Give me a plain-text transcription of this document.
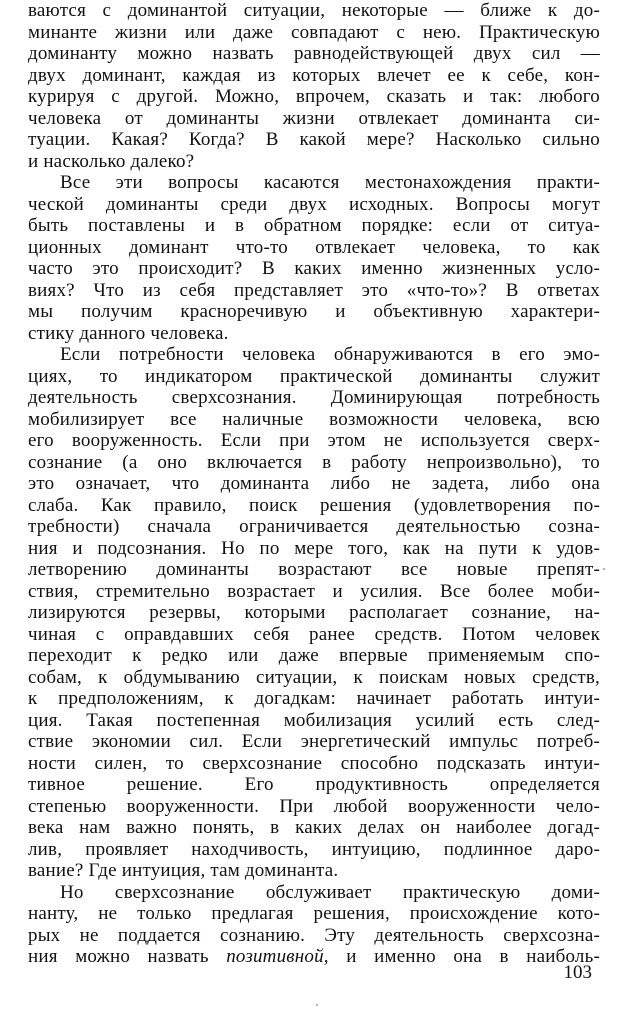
ваются с доминантой ситуации, некоторые — ближе к до-
минанте жизни или даже совпадают с нею. Практическую
доминанту можно назвать равнодействующей двух сил —
двух доминант, каждая из которых влечет ее к себе, кон-
курируя с другой. Можно, впрочем, сказать и так: любого
человека от доминанты жизни отвлекает доминанта си-
туации. Какая? Когда? В какой мере? Насколько сильно
и насколько далеко?
Все эти вопросы касаются местонахождения практи-
ческой доминанты среди двух исходных. Вопросы могут
быть поставлены и в обратном порядке: если от ситуа-
ционных доминант что-то отвлекает человека, то как
часто это происходит? В каких именно жизненных усло-
виях? Что из себя представляет это «что-то»? В ответах
мы получим красноречивую и объективную характери-
стику данного человека.
Если потребности человека обнаруживаются в его эмо-
циях, то индикатором практической доминанты служит
деятельность сверхсознания. Доминирующая потребность
мобилизирует все наличные возможности человека, всю
его вооруженность. Если при этом не используется сверх-
сознание (а оно включается в работу непроизвольно), то
это означает, что доминанта либо не задета, либо она
слаба. Как правило, поиск решения (удовлетворения по-
требности) сначала ограничивается деятельностью созна-
ния и подсознания. Но по мере того, как на пути к удов-
летворению доминанты возрастают все новые препят-
ствия, стремительно возрастает и усилия. Все более моби-
лизируются резервы, которыми располагает сознание, на-
чиная с оправдавших себя ранее средств. Потом человек
переходит к редко или даже впервые применяемым спо-
собам, к обдумыванию ситуации, к поискам новых средств,
к предположениям, к догадкам: начинает работать интуи-
ция. Такая постепенная мобилизация усилий есть след-
ствие экономии сил. Если энергетический импульс потреб-
ности силен, то сверхсознание способно подсказать интуи-
тивное решение. Его продуктивность определяется
степенью вооруженности. При любой вооруженности чело-
века нам важно понять, в каких делах он наиболее догад-
лив, проявляет находчивость, интуицию, подлинное даро-
вание? Где интуиция, там доминанта.
Но сверхсознание обслуживает практическую доми-
нанту, не только предлагая решения, происхождение кото-
рых не поддается сознанию. Эту деятельность сверхсозна-
ния можно назвать позитивной, и именно она в наиболь-
103
